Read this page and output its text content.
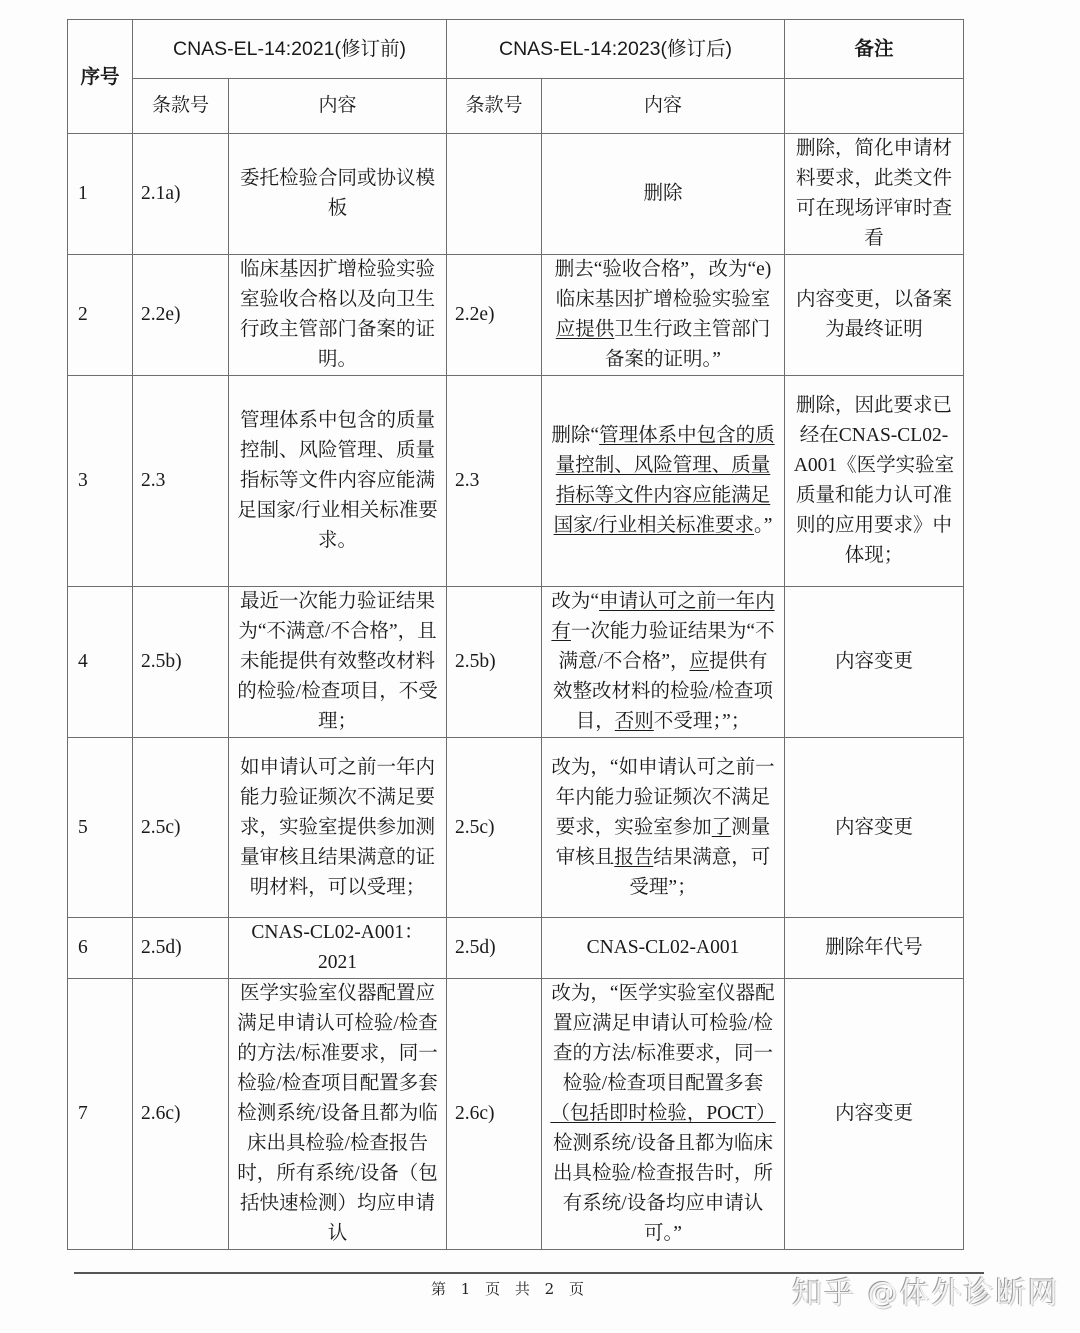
序号	CNAS-EL-14:2021(修订前)		CNAS-EL-14:2023(修订后)		备注
	条款号	内容	条款号	内容	
1	2.1a)	委托检验合同或协议模板		删除	删除，简化申请材料要求，此类文件可在现场评审时查看
2	2.2e)	临床基因扩增检验实验室验收合格以及向卫生行政主管部门备案的证明。	2.2e)	删去“验收合格”，改为“e) 临床基因扩增检验实验室应提供卫生行政主管部门备案的证明。”	内容变更，以备案为最终证明
3	2.3	管理体系中包含的质量控制、风险管理、质量指标等文件内容应能满足国家/行业相关标准要求。	2.3	删除“管理体系中包含的质量控制、风险管理、质量指标等文件内容应能满足国家/行业相关标准要求。”	删除，因此要求已经在CNAS-CL02-A001《医学实验室质量和能力认可准则的应用要求》中体现；
4	2.5b)	最近一次能力验证结果为“不满意/不合格”，且未能提供有效整改材料的检验/检查项目，不受理；	2.5b)	改为“申请认可之前一年内有一次能力验证结果为“不满意/不合格”，应提供有效整改材料的检验/检查项目，否则不受理；”；	内容变更
5	2.5c)	如申请认可之前一年内能力验证频次不满足要求，实验室提供参加测量审核且结果满意的证明材料，可以受理；	2.5c)	改为，“如申请认可之前一年内能力验证频次不满足要求，实验室参加了测量审核且报告结果满意，可受理”；	内容变更
6	2.5d)	CNAS-CL02-A001：2021	2.5d)	CNAS-CL02-A001	删除年代号
7	2.6c)	医学实验室仪器配置应满足申请认可检验/检查的方法/标准要求，同一检验/检查项目配置多套检测系统/设备且都为临床出具检验/检查报告时，所有系统/设备（包括快速检测）均应申请认	2.6c)	改为，“医学实验室仪器配置应满足申请认可检验/检查的方法/标准要求，同一检验/检查项目配置多套（包括即时检验，POCT）检测系统/设备且都为临床出具检验/检查报告时，所有系统/设备均应申请认可。”	内容变更
第 1 页 共 2 页	知乎 @体外诊断网
